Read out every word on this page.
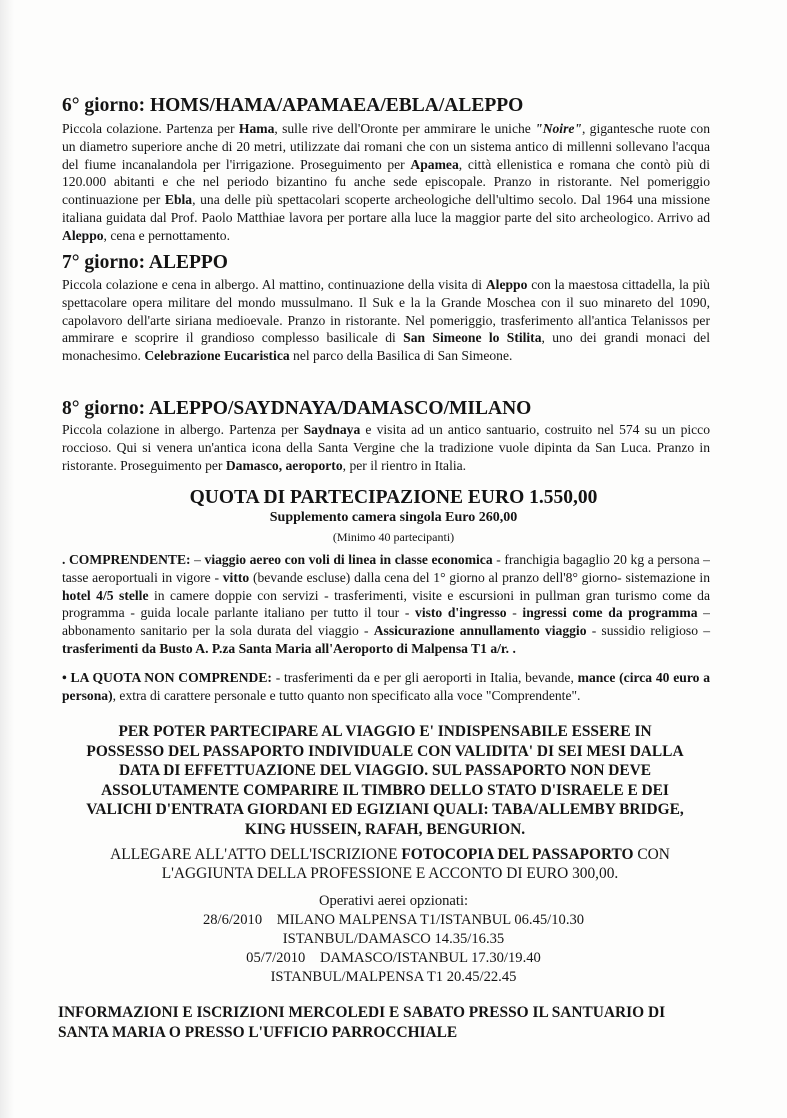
6° giorno: HOMS/HAMA/APAMAEA/EBLA/ALEPPO

Piccola colazione. Partenza per Hama, sulle rive dell'Oronte per ammirare le uniche "Noire", gigantesche ruote con un diametro superiore anche di 20 metri, utilizzate dai romani che con un sistema antico di millenni sollevano l'acqua del fiume incanalandola per l'irrigazione. Proseguimento per Apamea, città ellenistica e romana che contò più di 120.000 abitanti e che nel periodo bizantino fu anche sede episcopale. Pranzo in ristorante. Nel pomeriggio continuazione per Ebla, una delle più spettacolari scoperte archeologiche dell'ultimo secolo. Dal 1964 una missione italiana guidata dal Prof. Paolo Matthiae lavora per portare alla luce la maggior parte del sito archeologico. Arrivo ad Aleppo, cena e pernottamento.

7° giorno: ALEPPO

Piccola colazione e cena in albergo. Al mattino, continuazione della visita di Aleppo con la maestosa cittadella, la più spettacolare opera militare del mondo mussulmano. Il Suk e la la Grande Moschea con il suo minareto del 1090, capolavoro dell'arte siriana medioevale. Pranzo in ristorante. Nel pomeriggio, trasferimento all'antica Telanissos per ammirare e scoprire il grandioso complesso basilicale di San Simeone lo Stilita, uno dei grandi monaci del monachesimo. Celebrazione Eucaristica nel parco della Basilica di San Simeone.

8° giorno: ALEPPO/SAYDNAYA/DAMASCO/MILANO

Piccola colazione in albergo. Partenza per Saydnaya e visita ad un antico santuario, costruito nel 574 su un picco roccioso. Qui si venera un'antica icona della Santa Vergine che la tradizione vuole dipinta da San Luca. Pranzo in ristorante. Proseguimento per Damasco, aeroporto, per il rientro in Italia.

QUOTA DI PARTECIPAZIONE EURO 1.550,00
Supplemento camera singola Euro 260,00
(Minimo 40 partecipanti)

. COMPRENDENTE: – viaggio aereo con voli di linea in classe economica - franchigia bagaglio 20 kg a persona – tasse aeroportuali in vigore - vitto (bevande escluse) dalla cena del 1° giorno al pranzo dell'8° giorno- sistemazione in hotel 4/5 stelle in camere doppie con servizi - trasferimenti, visite e escursioni in pullman gran turismo come da programma - guida locale parlante italiano per tutto il tour - visto d'ingresso - ingressi come da programma – abbonamento sanitario per la sola durata del viaggio - Assicurazione annullamento viaggio - sussidio religioso – trasferimenti da Busto A. P.za Santa Maria all'Aeroporto di Malpensa T1 a/r. .

• LA QUOTA NON COMPRENDE: - trasferimenti da e per gli aeroporti in Italia, bevande, mance (circa 40 euro a persona), extra di carattere personale e tutto quanto non specificato alla voce "Comprendente".

PER POTER PARTECIPARE AL VIAGGIO E' INDISPENSABILE ESSERE IN
POSSESSO DEL PASSAPORTO INDIVIDUALE CON VALIDITA' DI SEI MESI DALLA
DATA DI EFFETTUAZIONE DEL VIAGGIO. SUL PASSAPORTO NON DEVE
ASSOLUTAMENTE COMPARIRE IL TIMBRO DELLO STATO D'ISRAELE E DEI
VALICHI D'ENTRATA GIORDANI ED EGIZIANI QUALI: TABA/ALLEMBY BRIDGE,
KING HUSSEIN, RAFAH, BENGURION.
ALLEGARE ALL'ATTO DELL'ISCRIZIONE FOTOCOPIA DEL PASSAPORTO CON
L'AGGIUNTA DELLA PROFESSIONE E ACCONTO DI EURO 300,00.
Operativi aerei opzionati:
28/6/2010    MILANO MALPENSA T1/ISTANBUL 06.45/10.30
ISTANBUL/DAMASCO 14.35/16.35
05/7/2010    DAMASCO/ISTANBUL 17.30/19.40
ISTANBUL/MALPENSA T1 20.45/22.45
INFORMAZIONI E ISCRIZIONI MERCOLEDI E SABATO PRESSO IL SANTUARIO DI
SANTA MARIA O PRESSO L'UFFICIO PARROCCHIALE
